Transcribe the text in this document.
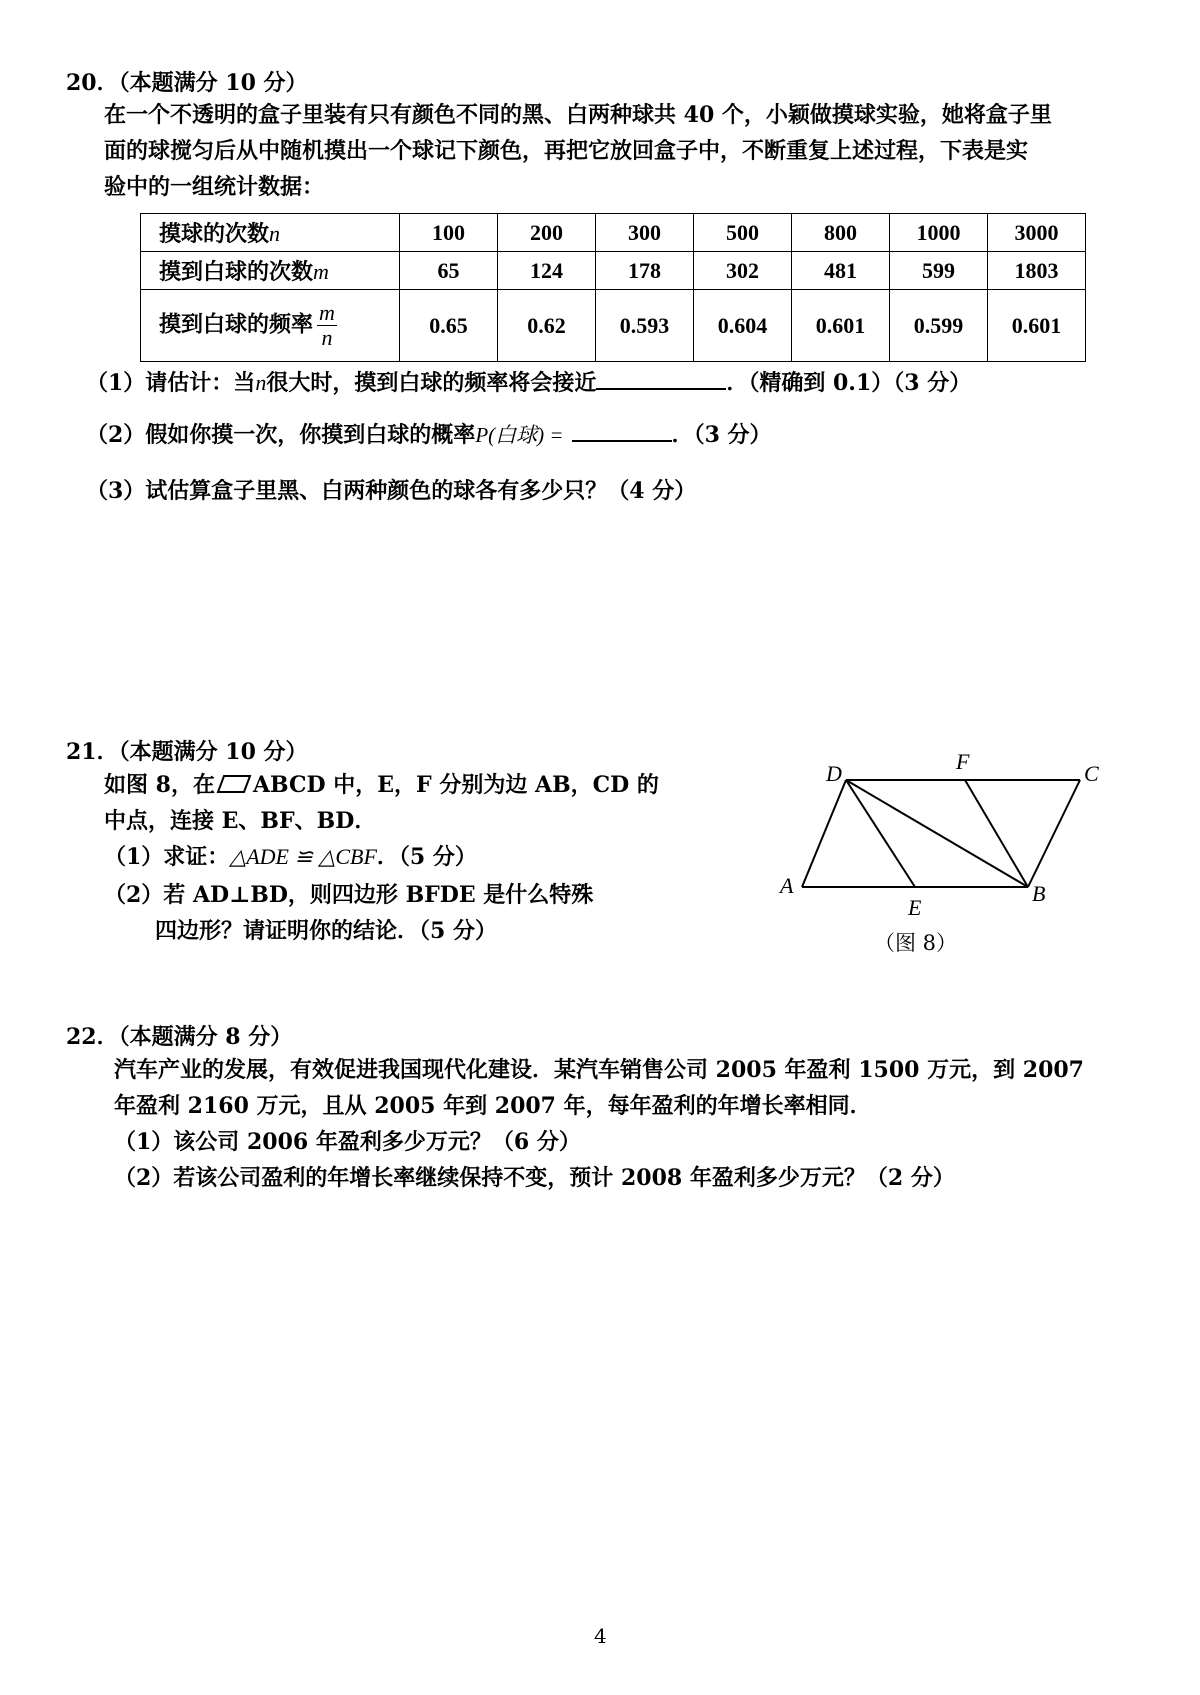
20．（本题满分 10 分）
在一个不透明的盒子里装有只有颜色不同的黑、白两种球共 40 个，小颖做摸球实验，她将盒子里
面的球搅匀后从中随机摸出一个球记下颜色，再把它放回盒子中，不断重复上述过程，下表是实
验中的一组统计数据：
摸球的次数n	100	200	300	500	800	1000	3000
摸到白球的次数m	65	124	178	302	481	599	1803
摸到白球的频率 $\frac{m}{n}$	0.65	0.62	0.593	0.604	0.601	0.599	0.601
（1）请估计：当n很大时，摸到白球的频率将会接近	．（精确到 0.1）（3 分）
（2）假如你摸一次，你摸到白球的概率P(白球) =	．（3 分）
（3）试估算盒子里黑、白两种颜色的球各有多少只？（4 分）
21．（本题满分 10 分）
如图 8，在 ABCD 中，E，F 分别为边 AB，CD 的
中点，连接 E、BF、BD．
（1）求证：△ADE ≌ △CBF．（5 分）
（2）若 AD⊥BD，则四边形 BFDE 是什么特殊
四边形？请证明你的结论．（5 分）
D	F	C
A
E
B
（图 8）
22．（本题满分 8 分）
汽车产业的发展，有效促进我国现代化建设．某汽车销售公司 2005 年盈利 1500 万元，到 2007
年盈利 2160 万元，且从 2005 年到 2007 年，每年盈利的年增长率相同．
（1）该公司 2006 年盈利多少万元？（6 分）
（2）若该公司盈利的年增长率继续保持不变，预计 2008 年盈利多少万元？（2 分）
4
